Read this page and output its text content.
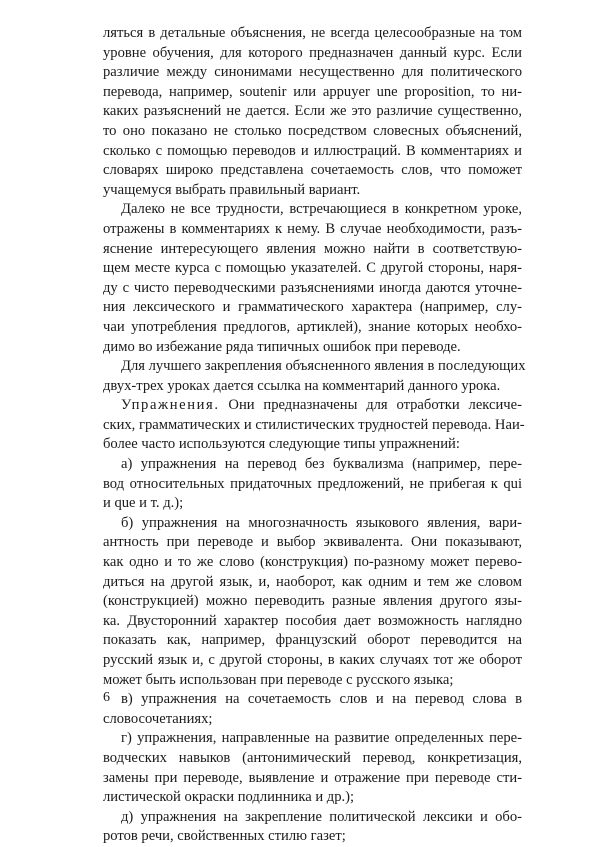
ляться в детальные объяснения, не всегда целесообразные на том
уровне обучения, для которого предназначен данный курс. Если
различие между синонимами несущественно для политического
перевода, например, soutenir или appuyer une proposition, то ни-
каких разъяснений не дается. Если же это различие существенно,
то оно показано не столько посредством словесных объяснений,
сколько с помощью переводов и иллюстраций. В комментариях и
словарях широко представлена сочетаемость слов, что поможет
учащемуся выбрать правильный вариант.
Далеко не все трудности, встречающиеся в конкретном уроке,
отражены в комментариях к нему. В случае необходимости, разъ-
яснение интересующего явления можно найти в соответствую-
щем месте курса с помощью указателей. С другой стороны, наря-
ду с чисто переводческими разъяснениями иногда даются уточне-
ния лексического и грамматического характера (например, слу-
чаи употребления предлогов, артиклей), знание которых необхо-
димо во избежание ряда типичных ошибок при переводе.
Для лучшего закрепления объясненного явления в последующих
двух-трех уроках дается ссылка на комментарий данного урока.
Упражнения. Они предназначены для отработки лексиче-
ских, грамматических и стилистических трудностей перевода. Наи-
более часто используются следующие типы упражнений:
а) упражнения на перевод без буквализма (например, пере-
вод относительных придаточных предложений, не прибегая к qui
и que и т. д.);
б) упражнения на многозначность языкового явления, вари-
антность при переводе и выбор эквивалента. Они показывают,
как одно и то же слово (конструкция) по-разному может перево-
диться на другой язык, и, наоборот, как одним и тем же словом
(конструкцией) можно переводить разные явления другого язы-
ка. Двусторонний характер пособия дает возможность наглядно
показать как, например, французский оборот переводится на
русский язык и, с другой стороны, в каких случаях тот же оборот
может быть использован при переводе с русского языка;
в) упражнения на сочетаемость слов и на перевод слова в
словосочетаниях;
г) упражнения, направленные на развитие определенных пере-
водческих навыков (антонимический перевод, конкретизация,
замены при переводе, выявление и отражение при переводе сти-
листической окраски подлинника и др.);
д) упражнения на закрепление политической лексики и обо-
ротов речи, свойственных стилю газет;
6
